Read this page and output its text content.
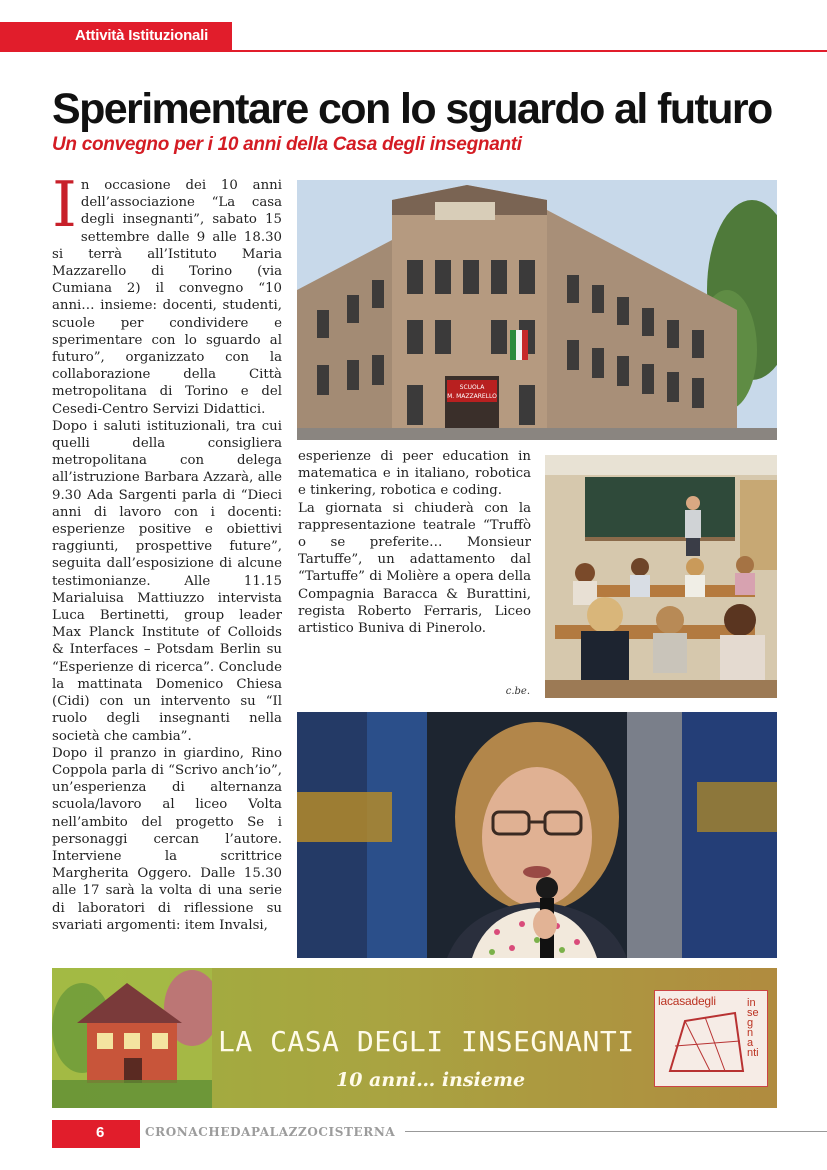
Attività Istituzionali
Sperimentare con lo sguardo al futuro
Un convegno per i 10 anni della Casa degli insegnanti

In occasione dei 10 anni dell’associazione “La casa degli insegnanti”, sabato 15 settembre dalle 9 alle 18.30 si terrà all’Istituto Maria Mazzarello di Torino (via Cumiana 2) il convegno “10 anni… insieme: docenti, studenti, scuole per condividere e sperimentare con lo sguardo al futuro”, organizzato con la collaborazione della Città metropolitana di Torino e del Cesedi-Centro Servizi Didattici.

Dopo i saluti istituzionali, tra cui quelli della consigliera metropolitana con delega all’istruzione Barbara Azzarà, alle 9.30 Ada Sargenti parla di “Dieci anni di lavoro con i docenti: esperienze positive e obiettivi raggiunti, prospettive future”, seguita dall’esposizione di alcune testimonianze. Alle 11.15 Marialuisa Mattiuzzo intervista Luca Bertinetti, group leader Max Planck Institute of Colloids & Interfaces – Potsdam Berlin su “Esperienze di ricerca”. Conclude la mattinata Domenico Chiesa (Cidi) con un intervento su “Il ruolo degli insegnanti nella società che cambia”.

Dopo il pranzo in giardino, Rino Coppola parla di “Scrivo anch’io”, un’esperienza di alternanza scuola/lavoro al liceo Volta nell’ambito del progetto Se i personaggi cercan l’autore. Interviene la scrittrice Margherita Oggero. Dalle 15.30 alle 17 sarà la volta di una serie di laboratori di riflessione su svariati argomenti: item Invalsi,

esperienze di peer education in matematica e in italiano, robotica e tinkering, robotica e coding.

La giornata si chiuderà con la rappresentazione teatrale “Truffò o se preferite… Monsieur Tartuffe”, un adattamento dal “Tartuffe” di Molière a opera della Compagnia Baracca & Burattini, regista Roberto Ferraris, Liceo artistico Buniva di Pinerolo.

c.be.
SCUOLA
M. MAZZARELLO
LA CASA DEGLI INSEGNANTI
10 anni… insieme
lacasadegli	insegnanti
6	CRONACHEDAPALAZZOCISTERNA
